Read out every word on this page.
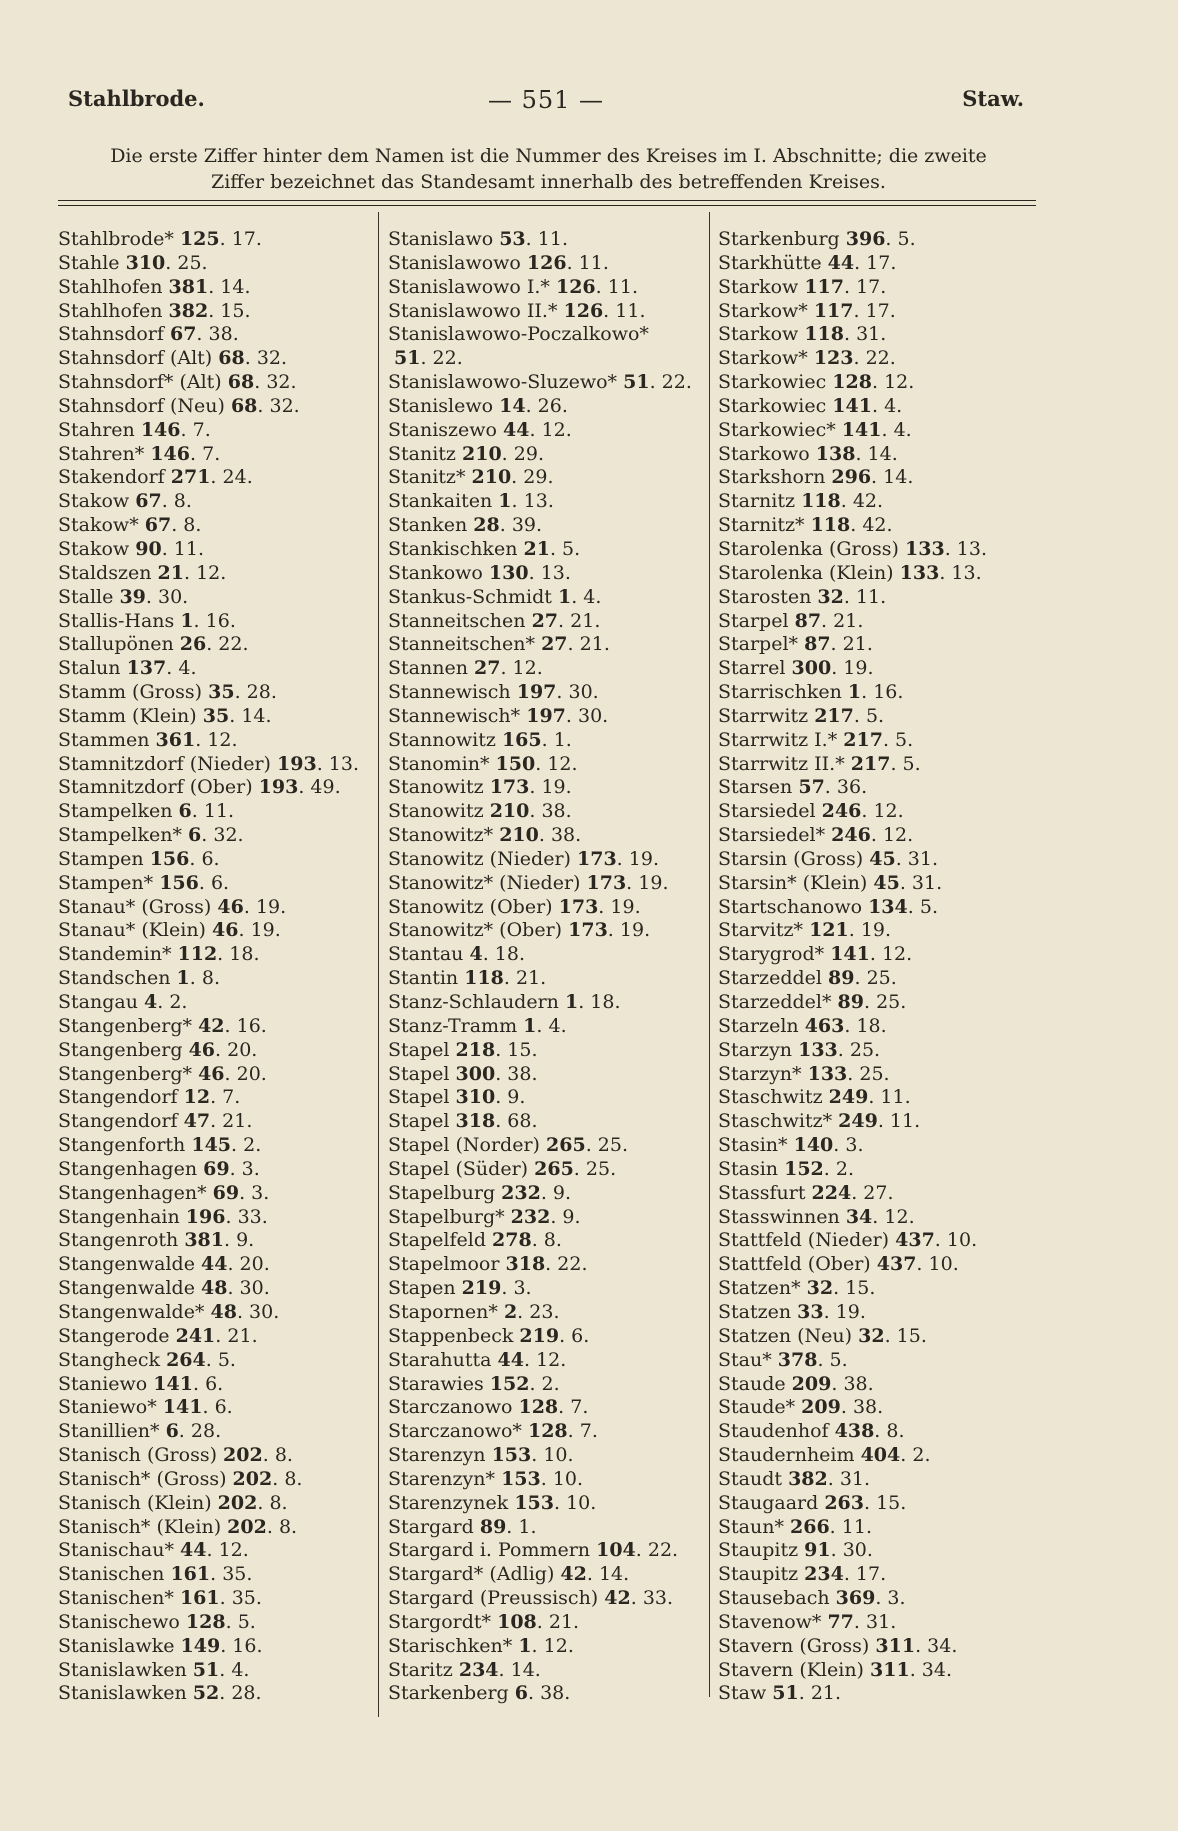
Stahlbrode.	— 551 —	Staw.
Die erste Ziffer hinter dem Namen ist die Nummer des Kreises im I. Abschnitte; die zweite
Ziffer bezeichnet das Standesamt innerhalb des betreffenden Kreises.
Stahlbrode* 125. 17.
Stahle 310. 25.
Stahlhofen 381. 14.
Stahlhofen 382. 15.
Stahnsdorf 67. 38.
Stahnsdorf (Alt) 68. 32.
Stahnsdorf* (Alt) 68. 32.
Stahnsdorf (Neu) 68. 32.
Stahren 146. 7.
Stahren* 146. 7.
Stakendorf 271. 24.
Stakow 67. 8.
Stakow* 67. 8.
Stakow 90. 11.
Staldszen 21. 12.
Stalle 39. 30.
Stallis-Hans 1. 16.
Stallupönen 26. 22.
Stalun 137. 4.
Stamm (Gross) 35. 28.
Stamm (Klein) 35. 14.
Stammen 361. 12.
Stamnitzdorf (Nieder) 193. 13.
Stamnitzdorf (Ober) 193. 49.
Stampelken 6. 11.
Stampelken* 6. 32.
Stampen 156. 6.
Stampen* 156. 6.
Stanau* (Gross) 46. 19.
Stanau* (Klein) 46. 19.
Standemin* 112. 18.
Standschen 1. 8.
Stangau 4. 2.
Stangenberg* 42. 16.
Stangenberg 46. 20.
Stangenberg* 46. 20.
Stangendorf 12. 7.
Stangendorf 47. 21.
Stangenforth 145. 2.
Stangenhagen 69. 3.
Stangenhagen* 69. 3.
Stangenhain 196. 33.
Stangenroth 381. 9.
Stangenwalde 44. 20.
Stangenwalde 48. 30.
Stangenwalde* 48. 30.
Stangerode 241. 21.
Stangheck 264. 5.
Staniewo 141. 6.
Staniewo* 141. 6.
Stanillien* 6. 28.
Stanisch (Gross) 202. 8.
Stanisch* (Gross) 202. 8.
Stanisch (Klein) 202. 8.
Stanisch* (Klein) 202. 8.
Stanischau* 44. 12.
Stanischen 161. 35.
Stanischen* 161. 35.
Stanischewo 128. 5.
Stanislawke 149. 16.
Stanislawken 51. 4.
Stanislawken 52. 28.
Stanislawo 53. 11.
Stanislawowo 126. 11.
Stanislawowo I.* 126. 11.
Stanislawowo II.* 126. 11.
Stanislawowo-Poczalkowo*
51. 22.
Stanislawowo-Sluzewo* 51. 22.
Stanislewo 14. 26.
Staniszewo 44. 12.
Stanitz 210. 29.
Stanitz* 210. 29.
Stankaiten 1. 13.
Stanken 28. 39.
Stankischken 21. 5.
Stankowo 130. 13.
Stankus-Schmidt 1. 4.
Stanneitschen 27. 21.
Stanneitschen* 27. 21.
Stannen 27. 12.
Stannewisch 197. 30.
Stannewisch* 197. 30.
Stannowitz 165. 1.
Stanomin* 150. 12.
Stanowitz 173. 19.
Stanowitz 210. 38.
Stanowitz* 210. 38.
Stanowitz (Nieder) 173. 19.
Stanowitz* (Nieder) 173. 19.
Stanowitz (Ober) 173. 19.
Stanowitz* (Ober) 173. 19.
Stantau 4. 18.
Stantin 118. 21.
Stanz-Schlaudern 1. 18.
Stanz-Tramm 1. 4.
Stapel 218. 15.
Stapel 300. 38.
Stapel 310. 9.
Stapel 318. 68.
Stapel (Norder) 265. 25.
Stapel (Süder) 265. 25.
Stapelburg 232. 9.
Stapelburg* 232. 9.
Stapelfeld 278. 8.
Stapelmoor 318. 22.
Stapen 219. 3.
Stapornen* 2. 23.
Stappenbeck 219. 6.
Starahutta 44. 12.
Starawies 152. 2.
Starczanowo 128. 7.
Starczanowo* 128. 7.
Starenzyn 153. 10.
Starenzyn* 153. 10.
Starenzynek 153. 10.
Stargard 89. 1.
Stargard i. Pommern 104. 22.
Stargard* (Adlig) 42. 14.
Stargard (Preussisch) 42. 33.
Stargordt* 108. 21.
Starischken* 1. 12.
Staritz 234. 14.
Starkenberg 6. 38.
Starkenburg 396. 5.
Starkhütte 44. 17.
Starkow 117. 17.
Starkow* 117. 17.
Starkow 118. 31.
Starkow* 123. 22.
Starkowiec 128. 12.
Starkowiec 141. 4.
Starkowiec* 141. 4.
Starkowo 138. 14.
Starkshorn 296. 14.
Starnitz 118. 42.
Starnitz* 118. 42.
Starolenka (Gross) 133. 13.
Starolenka (Klein) 133. 13.
Starosten 32. 11.
Starpel 87. 21.
Starpel* 87. 21.
Starrel 300. 19.
Starrischken 1. 16.
Starrwitz 217. 5.
Starrwitz I.* 217. 5.
Starrwitz II.* 217. 5.
Starsen 57. 36.
Starsiedel 246. 12.
Starsiedel* 246. 12.
Starsin (Gross) 45. 31.
Starsin* (Klein) 45. 31.
Startschanowo 134. 5.
Starvitz* 121. 19.
Starygrod* 141. 12.
Starzeddel 89. 25.
Starzeddel* 89. 25.
Starzeln 463. 18.
Starzyn 133. 25.
Starzyn* 133. 25.
Staschwitz 249. 11.
Staschwitz* 249. 11.
Stasin* 140. 3.
Stasin 152. 2.
Stassfurt 224. 27.
Stasswinnen 34. 12.
Stattfeld (Nieder) 437. 10.
Stattfeld (Ober) 437. 10.
Statzen* 32. 15.
Statzen 33. 19.
Statzen (Neu) 32. 15.
Stau* 378. 5.
Staude 209. 38.
Staude* 209. 38.
Staudenhof 438. 8.
Staudernheim 404. 2.
Staudt 382. 31.
Staugaard 263. 15.
Staun* 266. 11.
Staupitz 91. 30.
Staupitz 234. 17.
Stausebach 369. 3.
Stavenow* 77. 31.
Stavern (Gross) 311. 34.
Stavern (Klein) 311. 34.
Staw 51. 21.
